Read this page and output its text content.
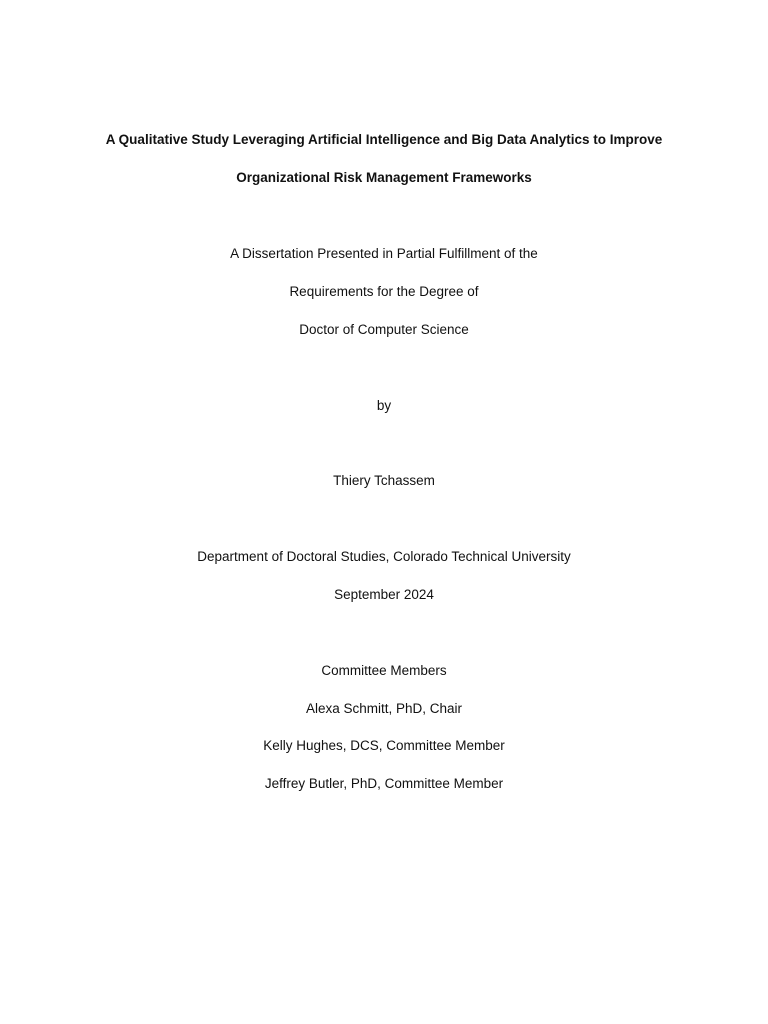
A Qualitative Study Leveraging Artificial Intelligence and Big Data Analytics to Improve
Organizational Risk Management Frameworks
A Dissertation Presented in Partial Fulfillment of the
Requirements for the Degree of
Doctor of Computer Science
by
Thiery Tchassem
Department of Doctoral Studies, Colorado Technical University
September 2024
Committee Members
Alexa Schmitt, PhD, Chair
Kelly Hughes, DCS, Committee Member
Jeffrey Butler, PhD, Committee Member
